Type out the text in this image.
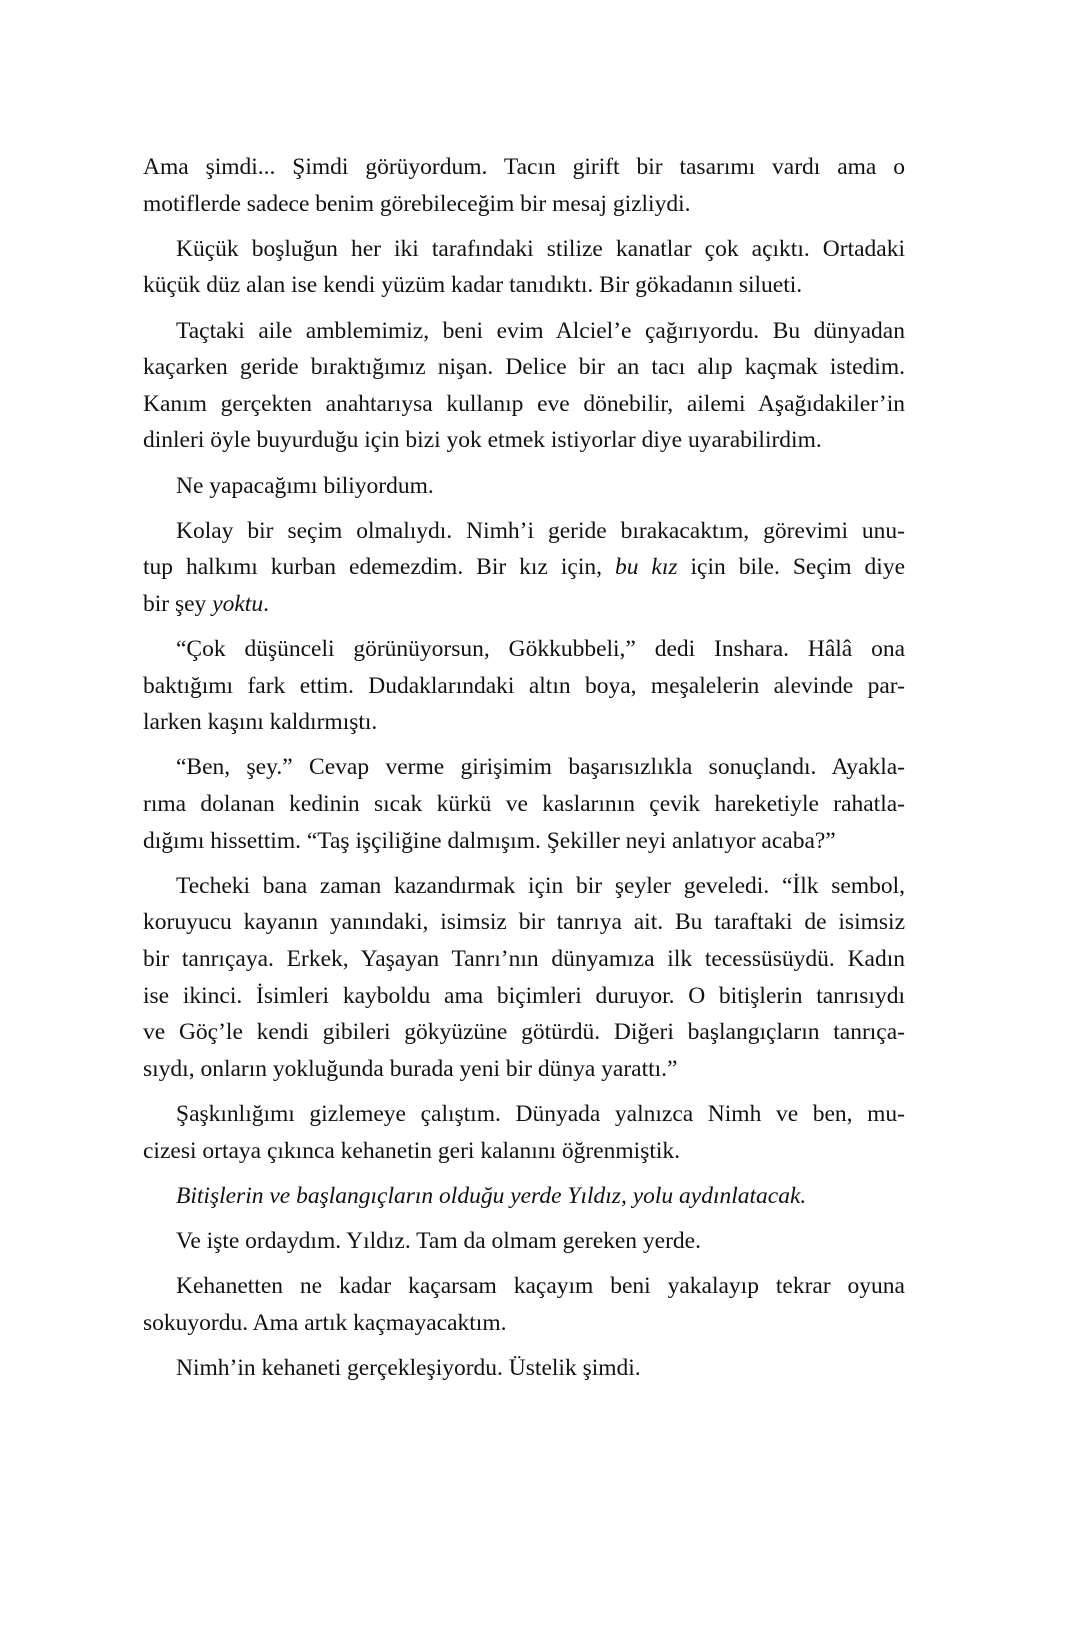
Ama şimdi... Şimdi görüyordum. Tacın girift bir tasarımı vardı ama o
motiflerde sadece benim görebileceğim bir mesaj gizliydi.
Küçük boşluğun her iki tarafındaki stilize kanatlar çok açıktı. Ortadaki
küçük düz alan ise kendi yüzüm kadar tanıdıktı. Bir gökadanın silueti.
Taçtaki aile amblemimiz, beni evim Alciel’e çağırıyordu. Bu dünyadan
kaçarken geride bıraktığımız nişan. Delice bir an tacı alıp kaçmak istedim.
Kanım gerçekten anahtarıysa kullanıp eve dönebilir, ailemi Aşağıdakiler’in
dinleri öyle buyurduğu için bizi yok etmek istiyorlar diye uyarabilirdim.
Ne yapacağımı biliyordum.
Kolay bir seçim olmalıydı. Nimh’i geride bırakacaktım, görevimi unu-
tup halkımı kurban edemezdim. Bir kız için, bu kız için bile. Seçim diye
bir şey yoktu.
“Çok düşünceli görünüyorsun, Gökkubbeli,” dedi Inshara. Hâlâ ona
baktığımı fark ettim. Dudaklarındaki altın boya, meşalelerin alevinde par-
larken kaşını kaldırmıştı.
“Ben, şey.” Cevap verme girişimim başarısızlıkla sonuçlandı. Ayakla-
rıma dolanan kedinin sıcak kürkü ve kaslarının çevik hareketiyle rahatla-
dığımı hissettim. “Taş işçiliğine dalmışım. Şekiller neyi anlatıyor acaba?”
Techeki bana zaman kazandırmak için bir şeyler geveledi. “İlk sembol,
koruyucu kayanın yanındaki, isimsiz bir tanrıya ait. Bu taraftaki de isimsiz
bir tanrıçaya. Erkek, Yaşayan Tanrı’nın dünyamıza ilk tecessüsüydü. Kadın
ise ikinci. İsimleri kayboldu ama biçimleri duruyor. O bitişlerin tanrısıydı
ve Göç’le kendi gibileri gökyüzüne götürdü. Diğeri başlangıçların tanrıça-
sıydı, onların yokluğunda burada yeni bir dünya yarattı.”
Şaşkınlığımı gizlemeye çalıştım. Dünyada yalnızca Nimh ve ben, mu-
cizesi ortaya çıkınca kehanetin geri kalanını öğrenmiştik.
Bitişlerin ve başlangıçların olduğu yerde Yıldız, yolu aydınlatacak.
Ve işte ordaydım. Yıldız. Tam da olmam gereken yerde.
Kehanetten ne kadar kaçarsam kaçayım beni yakalayıp tekrar oyuna
sokuyordu. Ama artık kaçmayacaktım.
Nimh’in kehaneti gerçekleşiyordu. Üstelik şimdi.
